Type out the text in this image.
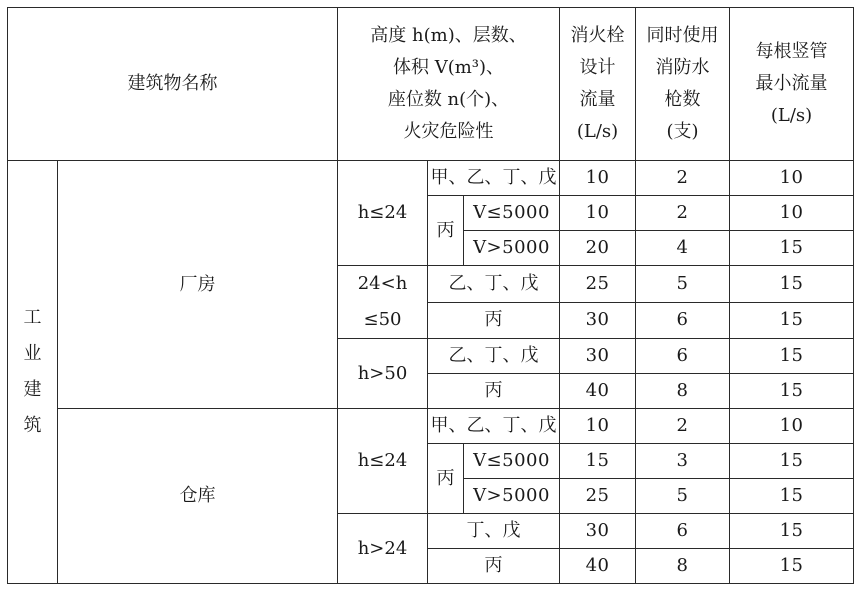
建筑物名称		高度 h(m)、层数、
体积 V(m³)、
座位数 n(个)、
火灾危险性			消火栓
设计
流量
(L/s)	同时使用
消防水
枪数
(支)	每根竖管
最小流量
(L/s)

工
业
建
筑	厂房	h≤24	甲、乙、丁、戊		10	2	10
			丙	V≤5000	10	2	10
				V>5000	20	4	15

		24<h
≤50	乙、丁、戊		25	5	15
			丙		30	6	15
		h>50	乙、丁、戊		30	6	15
			丙		40	8	15
	仓库	h≤24	甲、乙、丁、戊		10	2	10
			丙	V≤5000	15	3	15
				V>5000	25	5	15
		h>24	丁、戊		30	6	15
			丙		40	8	15
